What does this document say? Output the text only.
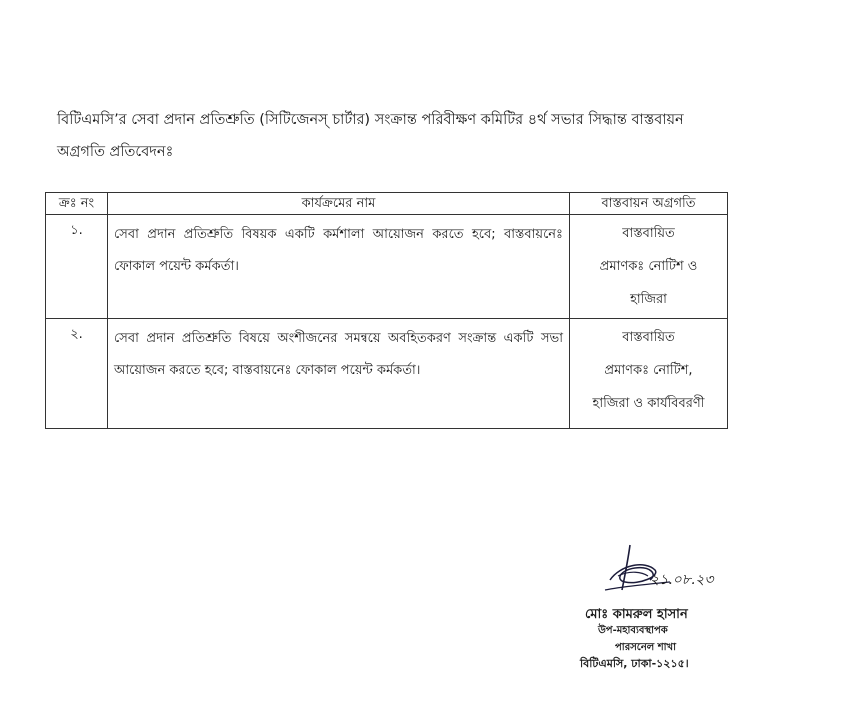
বিটিএমসি’র সেবা প্রদান প্রতিশ্রুতি (সিটিজেনস্ চার্টার) সংক্রান্ত পরিবীক্ষণ কমিটির ৪র্থ সভার সিদ্ধান্ত বাস্তবায়ন
অগ্রগতি প্রতিবেদনঃ

ক্রঃ নং	কার্যক্রমের নাম	বাস্তবায়ন অগ্রগতি
১.	সেবা প্রদান প্রতিশ্রুতি বিষয়ক একটি কর্মশালা আয়োজন করতে হবে; বাস্তবায়নেঃ ফোকাল পয়েন্ট কর্মকর্তা।	বাস্তবায়িত
প্রমাণকঃ নোটিশ ও
হাজিরা

২.	সেবা প্রদান প্রতিশ্রুতি বিষয়ে অংশীজনের সমন্বয়ে অবহিতকরণ সংক্রান্ত একটি সভা আয়োজন করতে হবে; বাস্তবায়নেঃ ফোকাল পয়েন্ট কর্মকর্তা।	বাস্তবায়িত
প্রমাণকঃ নোটিশ,
হাজিরা ও কার্যবিবরণী
২১.০৮.২৩
মোঃ কামরুল হাসান
উপ-মহাব্যবস্থাপক
পারসনেল শাখা
বিটিএমসি, ঢাকা-১২১৫।
